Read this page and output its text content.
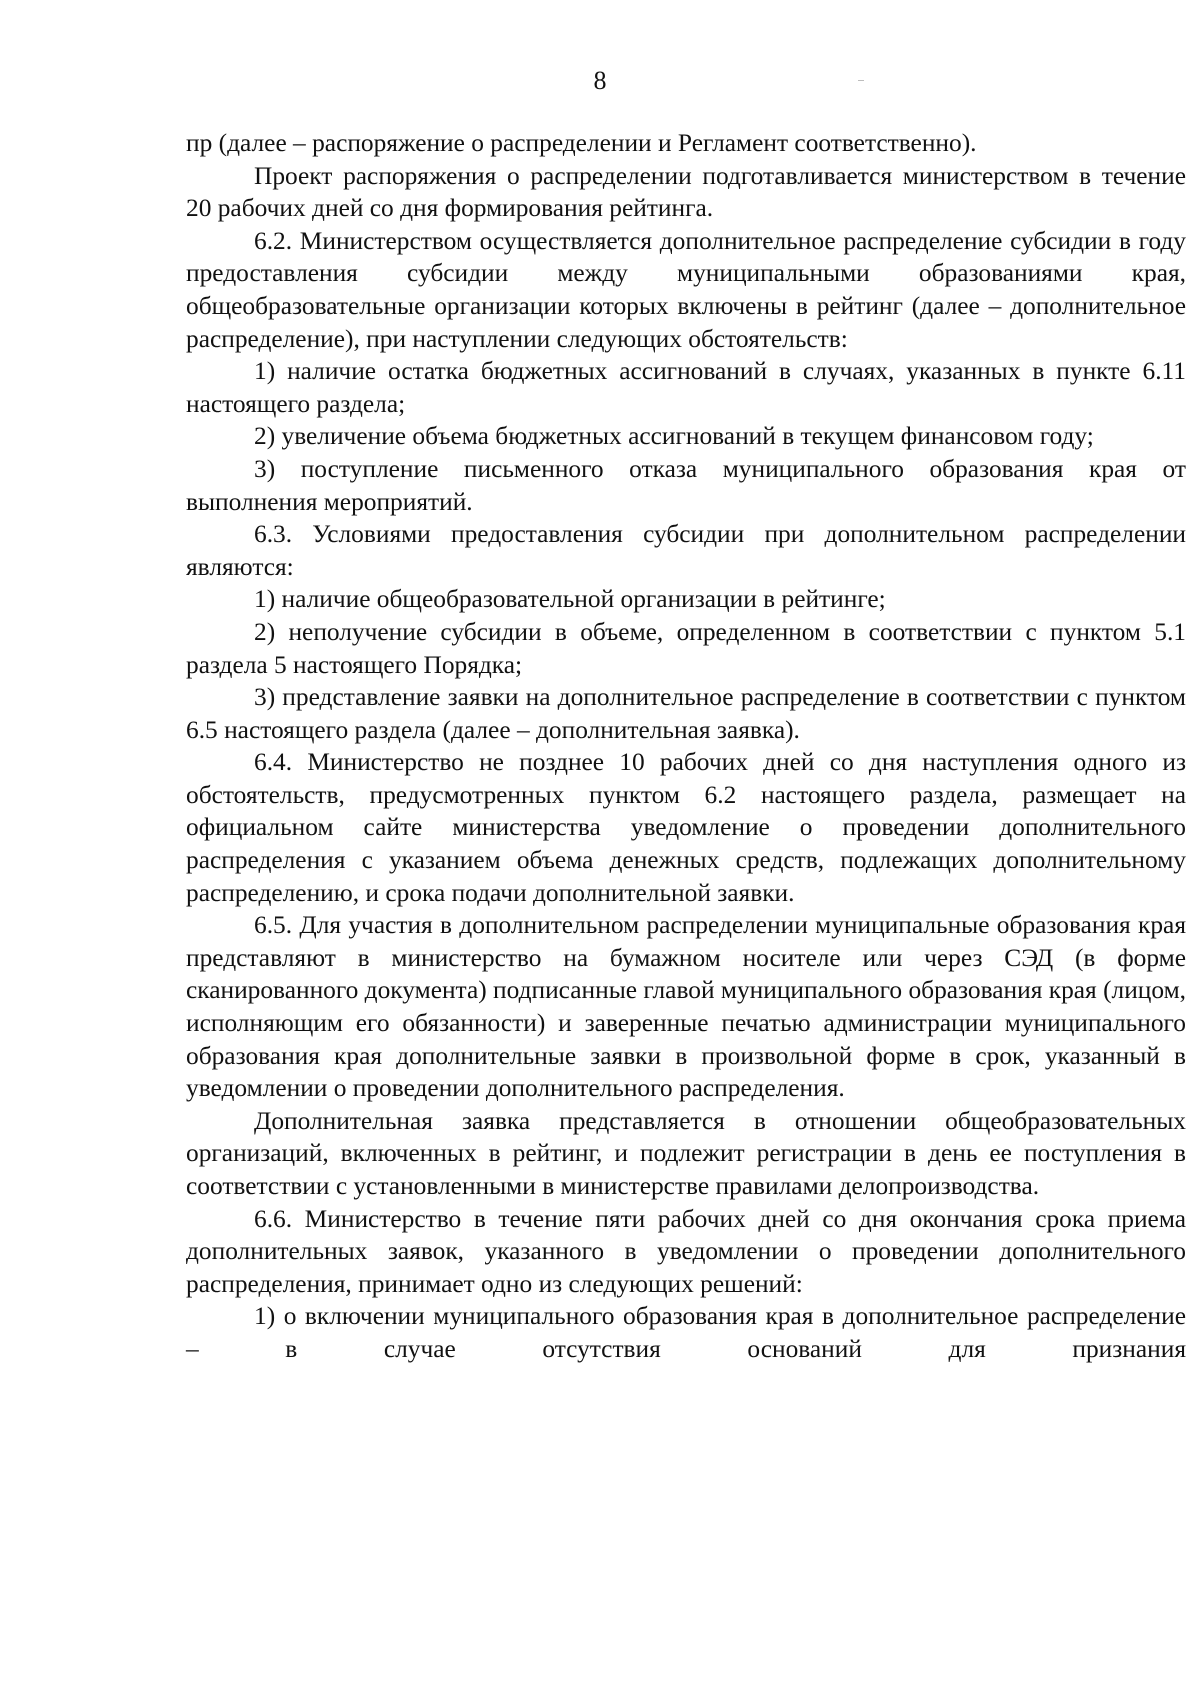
8

пр (далее – распоряжение о распределении и Регламент соответственно).

Проект распоряжения о распределении подготавливается министерством в течение 20 рабочих дней со дня формирования рейтинга.

6.2. Министерством осуществляется дополнительное распределение субсидии в году предоставления субсидии между муниципальными образованиями края, общеобразовательные организации которых включены в рейтинг (далее – дополнительное распределение), при наступлении следующих обстоятельств:

1) наличие остатка бюджетных ассигнований в случаях, указанных в пункте 6.11 настоящего раздела;

2) увеличение объема бюджетных ассигнований в текущем финансовом году;

3) поступление письменного отказа муниципального образования края от выполнения мероприятий.

6.3. Условиями предоставления субсидии при дополнительном распределении являются:

1) наличие общеобразовательной организации в рейтинге;

2) неполучение субсидии в объеме, определенном в соответствии с пунктом 5.1 раздела 5 настоящего Порядка;

3) представление заявки на дополнительное распределение в соответствии с пунктом 6.5 настоящего раздела (далее – дополнительная заявка).

6.4. Министерство не позднее 10 рабочих дней со дня наступления одного из обстоятельств, предусмотренных пунктом 6.2 настоящего раздела, размещает на официальном сайте министерства уведомление о проведении дополнительного распределения с указанием объема денежных средств, подлежащих дополнительному распределению, и срока подачи дополнительной заявки.

6.5. Для участия в дополнительном распределении муниципальные образования края представляют в министерство на бумажном носителе или через СЭД (в форме сканированного документа) подписанные главой муниципального образования края (лицом, исполняющим его обязанности) и заверенные печатью администрации муниципального образования края дополнительные заявки в произвольной форме в срок, указанный в уведомлении о проведении дополнительного распределения.

Дополнительная заявка представляется в отношении общеобразовательных организаций, включенных в рейтинг, и подлежит регистрации в день ее поступления в соответствии с установленными в министерстве правилами делопроизводства.

6.6. Министерство в течение пяти рабочих дней со дня окончания срока приема дополнительных заявок, указанного в уведомлении о проведении дополнительного распределения, принимает одно из следующих решений:

1) о включении муниципального образования края в дополнительное распределение – в случае отсутствия оснований для признания
